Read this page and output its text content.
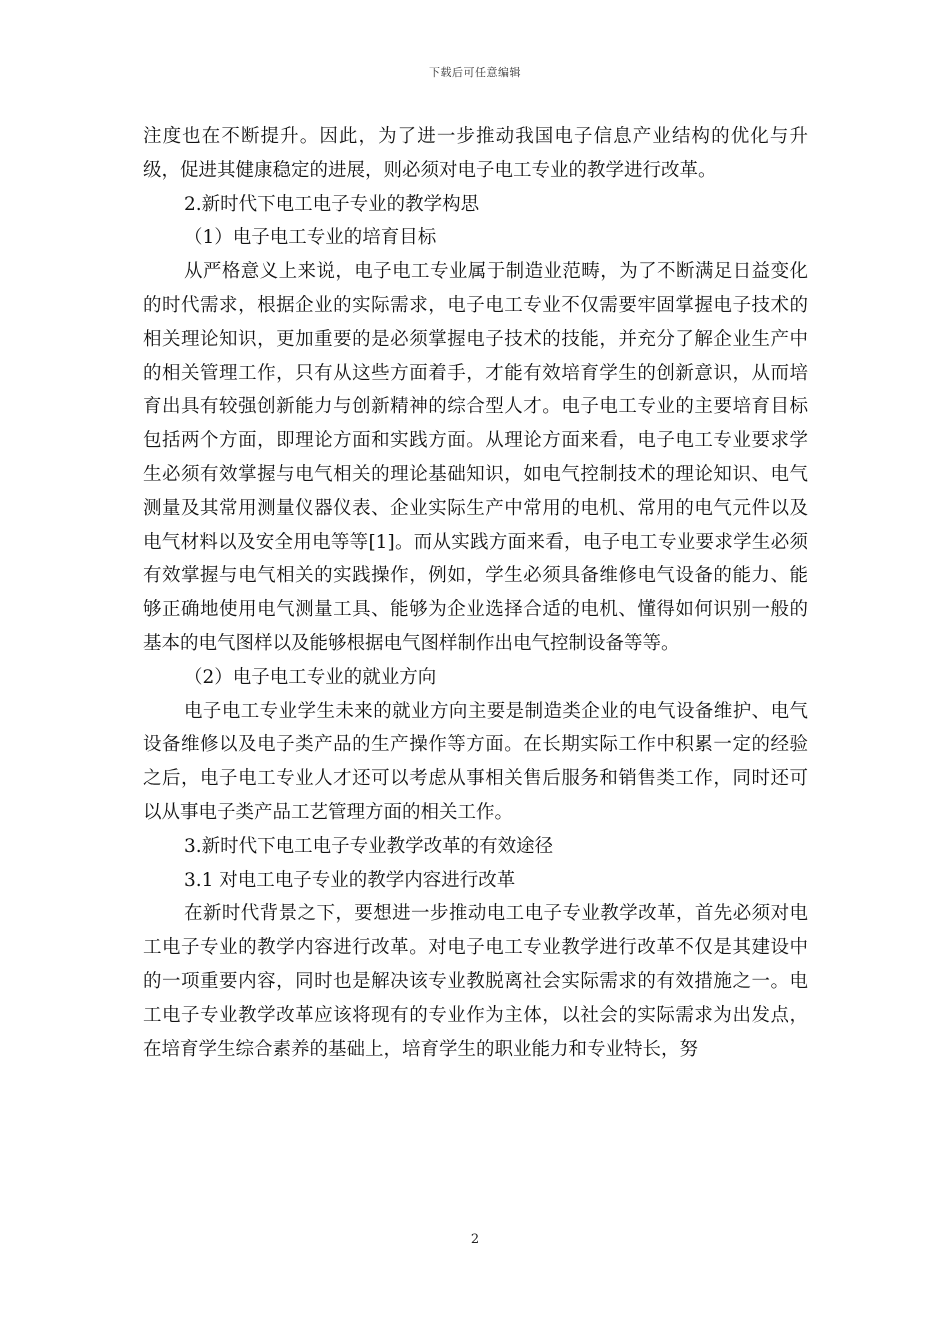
下载后可任意编辑

注度也在不断提升。因此，为了进一步推动我国电子信息产业结构的优化与升级，促进其健康稳定的进展，则必须对电子电工专业的教学进行改革。

2.新时代下电工电子专业的教学构思

（1）电子电工专业的培育目标

从严格意义上来说，电子电工专业属于制造业范畴，为了不断满足日益变化的时代需求，根据企业的实际需求，电子电工专业不仅需要牢固掌握电子技术的相关理论知识，更加重要的是必须掌握电子技术的技能，并充分了解企业生产中的相关管理工作，只有从这些方面着手，才能有效培育学生的创新意识，从而培育出具有较强创新能力与创新精神的综合型人才。电子电工专业的主要培育目标包括两个方面，即理论方面和实践方面。从理论方面来看，电子电工专业要求学生必须有效掌握与电气相关的理论基础知识，如电气控制技术的理论知识、电气测量及其常用测量仪器仪表、企业实际生产中常用的电机、常用的电气元件以及电气材料以及安全用电等等[1]。而从实践方面来看，电子电工专业要求学生必须有效掌握与电气相关的实践操作，例如，学生必须具备维修电气设备的能力、能够正确地使用电气测量工具、能够为企业选择合适的电机、懂得如何识别一般的基本的电气图样以及能够根据电气图样制作出电气控制设备等等。

（2）电子电工专业的就业方向

电子电工专业学生未来的就业方向主要是制造类企业的电气设备维护、电气设备维修以及电子类产品的生产操作等方面。在长期实际工作中积累一定的经验之后，电子电工专业人才还可以考虑从事相关售后服务和销售类工作，同时还可以从事电子类产品工艺管理方面的相关工作。

3.新时代下电工电子专业教学改革的有效途径

3.1 对电工电子专业的教学内容进行改革

在新时代背景之下，要想进一步推动电工电子专业教学改革，首先必须对电工电子专业的教学内容进行改革。对电子电工专业教学进行改革不仅是其建设中的一项重要内容，同时也是解决该专业教脱离社会实际需求的有效措施之一。电工电子专业教学改革应该将现有的专业作为主体，以社会的实际需求为出发点，在培育学生综合素养的基础上，培育学生的职业能力和专业特长，努

2
